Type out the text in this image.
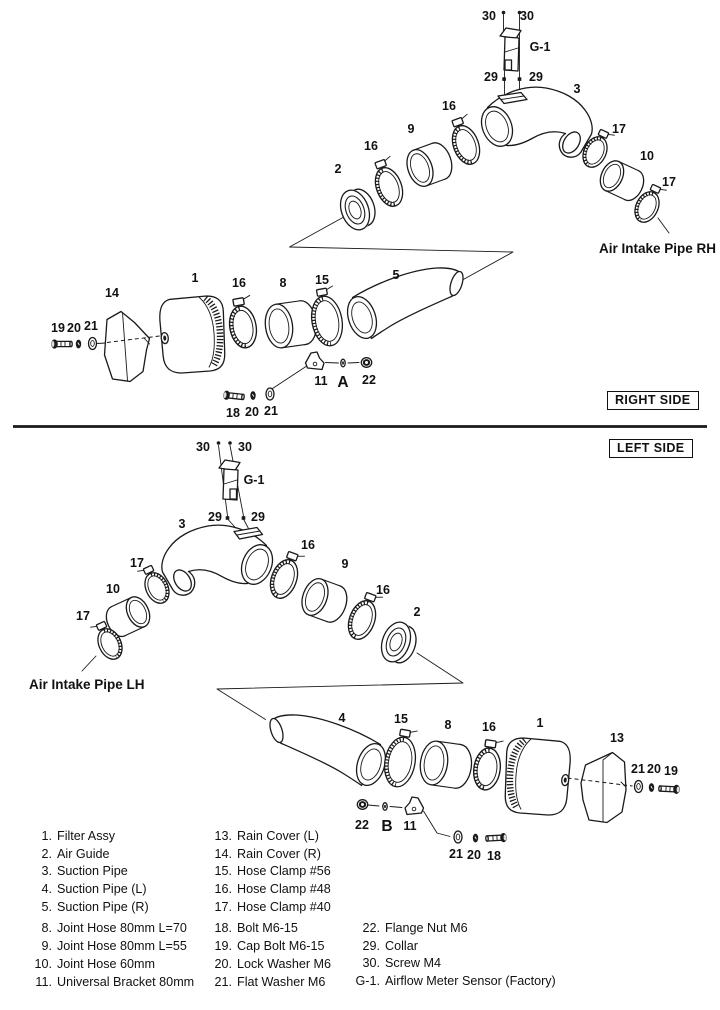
30 30
G-1
29 29
3
16
9
16
2
17
10
17
Air Intake Pipe RH
14
1	16	8 15	5
19 20 21
11 A 22
18 20 21
30 30
G-1
29 29
3
17
10
17
16
9
16
2
Air Intake Pipe LH
4	15	8 16	1
13
21 20 19
22 B 11
21 20 18
RIGHT SIDE
LEFT SIDE
1. Filter Assy
2. Air Guide
3. Suction Pipe
4. Suction Pipe (L)
5. Suction Pipe (R)
8. Joint Hose 80mm L=70
9. Joint Hose 80mm L=55
10. Joint Hose 60mm
11. Universal Bracket 80mm
13. Rain Cover (L)
14. Rain Cover (R)
15. Hose Clamp #56
16. Hose Clamp #48
17. Hose Clamp #40
18. Bolt M6-15
19. Cap Bolt M6-15
20. Lock Washer M6
21. Flat Washer M6
22. Flange Nut M6
29. Collar
30. Screw M4
G-1. Airflow Meter Sensor (Factory)
